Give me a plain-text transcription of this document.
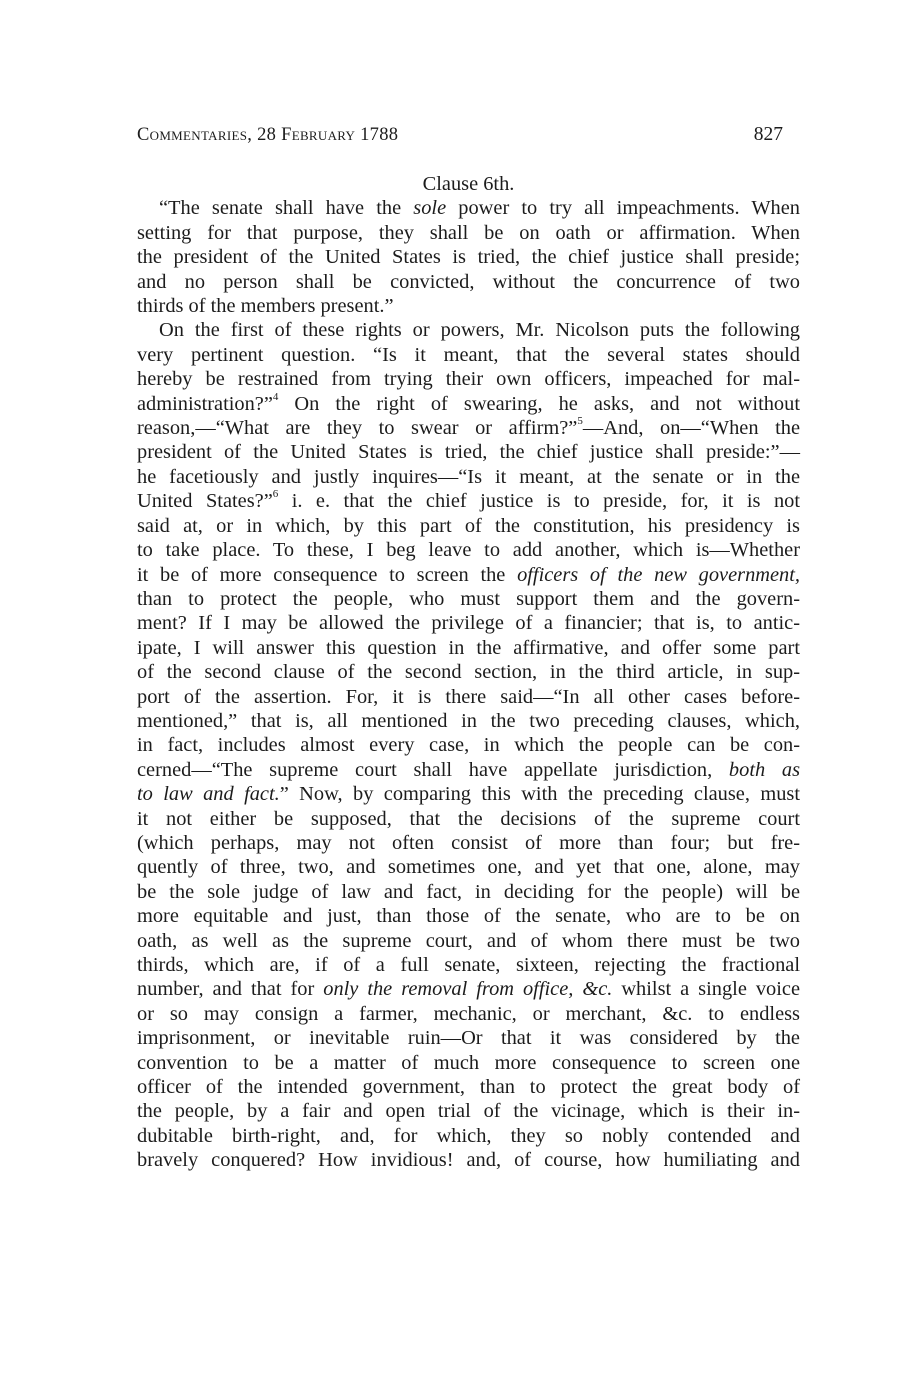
Commentaries, 28 February 1788	827
Clause 6th.
“The senate shall have the sole power to try all impeachments. When
setting for that purpose, they shall be on oath or affirmation. When
the president of the United States is tried, the chief justice shall preside;
and no person shall be convicted, without the concurrence of two
thirds of the members present.”
On the first of these rights or powers, Mr. Nicolson puts the following
very pertinent question. “Is it meant, that the several states should
hereby be restrained from trying their own officers, impeached for mal-
administration?”$^4$ On the right of swearing, he asks, and not without
reason,—“What are they to swear or affirm?”$^5$—And, on—“When the
president of the United States is tried, the chief justice shall preside:”—
he facetiously and justly inquires—“Is it meant, at the senate or in the
United States?”$^6$ i. e. that the chief justice is to preside, for, it is not
said at, or in which, by this part of the constitution, his presidency is
to take place. To these, I beg leave to add another, which is—Whether
it be of more consequence to screen the officers of the new government,
than to protect the people, who must support them and the govern-
ment? If I may be allowed the privilege of a financier; that is, to antic-
ipate, I will answer this question in the affirmative, and offer some part
of the second clause of the second section, in the third article, in sup-
port of the assertion. For, it is there said—“In all other cases before-
mentioned,” that is, all mentioned in the two preceding clauses, which,
in fact, includes almost every case, in which the people can be con-
cerned—“The supreme court shall have appellate jurisdiction, both as
to law and fact.” Now, by comparing this with the preceding clause, must
it not either be supposed, that the decisions of the supreme court
(which perhaps, may not often consist of more than four; but fre-
quently of three, two, and sometimes one, and yet that one, alone, may
be the sole judge of law and fact, in deciding for the people) will be
more equitable and just, than those of the senate, who are to be on
oath, as well as the supreme court, and of whom there must be two
thirds, which are, if of a full senate, sixteen, rejecting the fractional
number, and that for only the removal from office, &c. whilst a single voice
or so may consign a farmer, mechanic, or merchant, &c. to endless
imprisonment, or inevitable ruin—Or that it was considered by the
convention to be a matter of much more consequence to screen one
officer of the intended government, than to protect the great body of
the people, by a fair and open trial of the vicinage, which is their in-
dubitable birth-right, and, for which, they so nobly contended and
bravely conquered? How invidious! and, of course, how humiliating and
